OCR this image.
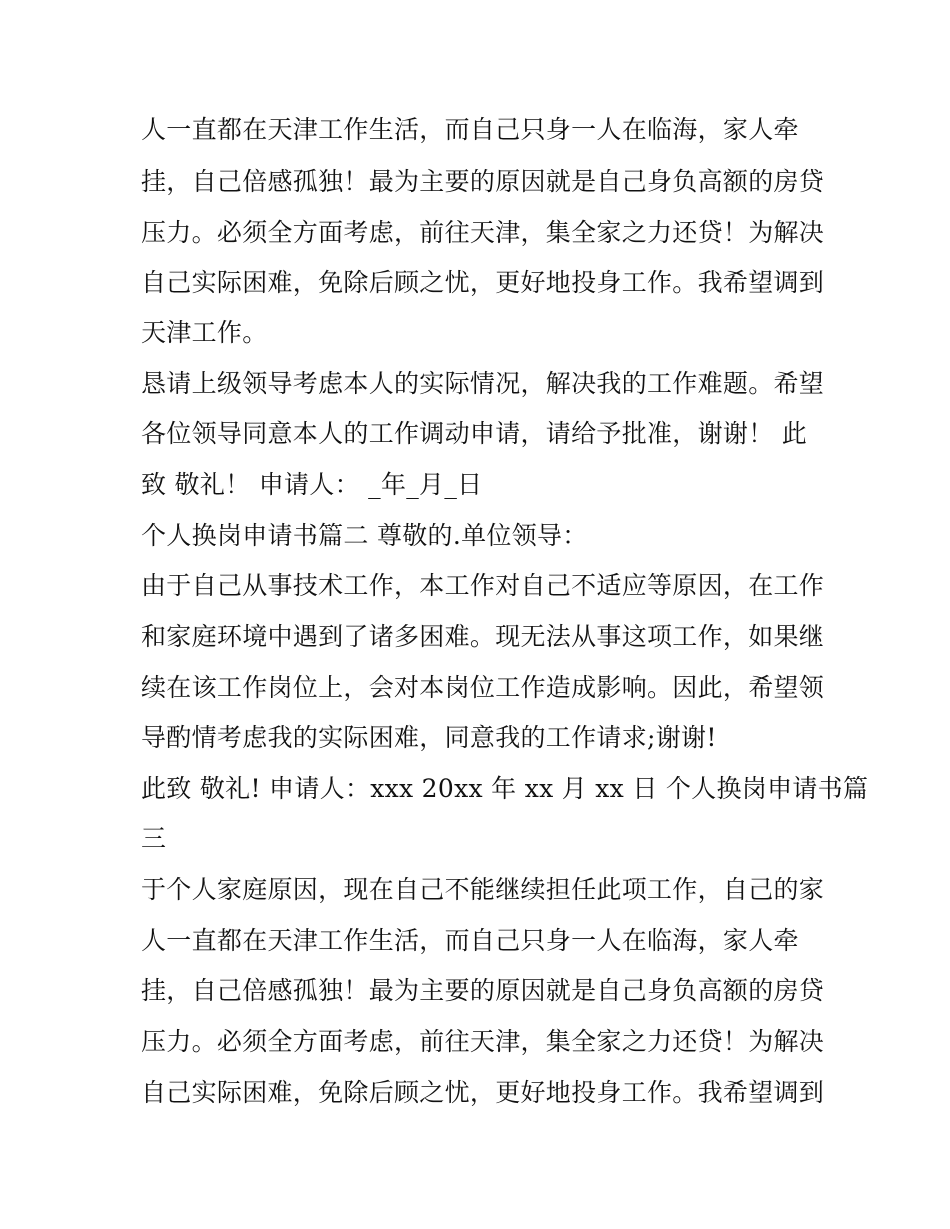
人一直都在天津工作生活，而自己只身一人在临海，家人牵
挂，自己倍感孤独！最为主要的原因就是自己身负高额的房贷
压力。必须全方面考虑，前往天津，集全家之力还贷！为解决
自己实际困难，免除后顾之忧，更好地投身工作。我希望调到
天津工作。
恳请上级领导考虑本人的实际情况，解决我的工作难题。希望
各位领导同意本人的工作调动申请，请给予批准，谢谢！ 此
致 敬礼！ 申请人： _年_月_日
个人换岗申请书篇二 尊敬的.单位领导：
由于自己从事技术工作，本工作对自己不适应等原因，在工作
和家庭环境中遇到了诸多困难。现无法从事这项工作，如果继
续在该工作岗位上，会对本岗位工作造成影响。因此，希望领
导酌情考虑我的实际困难，同意我的工作请求;谢谢!
此致 敬礼! 申请人：xxx 20xx 年 xx 月 xx 日 个人换岗申请书篇
三
于个人家庭原因，现在自己不能继续担任此项工作，自己的家
人一直都在天津工作生活，而自己只身一人在临海，家人牵
挂，自己倍感孤独！最为主要的原因就是自己身负高额的房贷
压力。必须全方面考虑，前往天津，集全家之力还贷！为解决
自己实际困难，免除后顾之忧，更好地投身工作。我希望调到
